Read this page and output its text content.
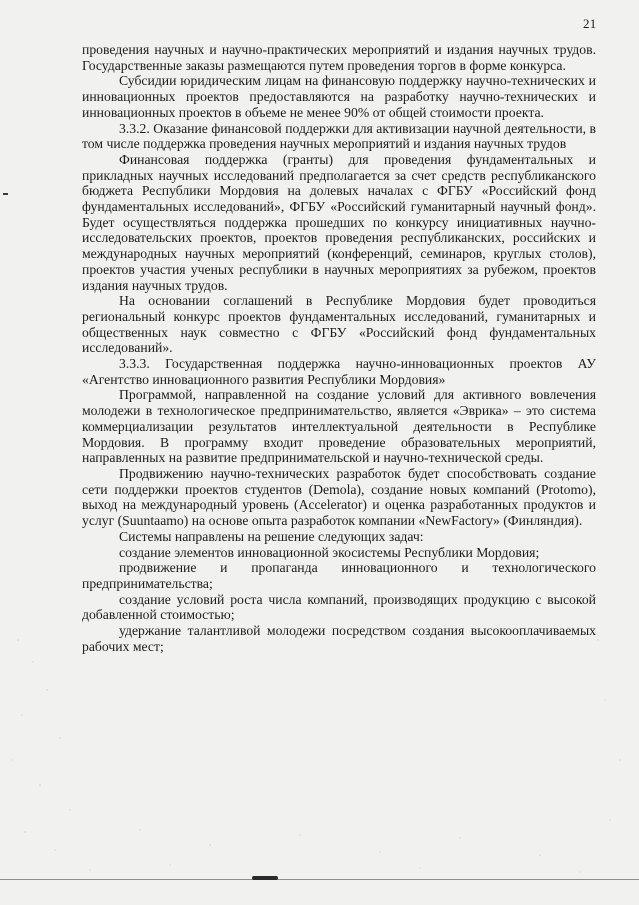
21

проведения научных и научно-практических мероприятий и издания научных трудов. Государственные заказы размещаются путем проведения торгов в форме конкурса.

Субсидии юридическим лицам на финансовую поддержку научно-технических и инновационных проектов предоставляются на разработку научно-технических и инновационных проектов в объеме не менее 90% от общей стоимости проекта.

3.3.2. Оказание финансовой поддержки для активизации научной деятельности, в том числе поддержка проведения научных мероприятий и издания научных трудов

Финансовая поддержка (гранты) для проведения фундаментальных и прикладных научных исследований предполагается за счет средств республиканского бюджета Республики Мордовия на долевых началах с ФГБУ «Российский фонд фундаментальных исследований», ФГБУ «Российский гуманитарный научный фонд». Будет осуществляться поддержка прошедших по конкурсу инициативных научно-исследовательских проектов, проектов проведения республиканских, российских и международных научных мероприятий (конференций, семинаров, круглых столов), проектов участия ученых республики в научных мероприятиях за рубежом, проектов издания научных трудов.

На основании соглашений в Республике Мордовия будет проводиться региональный конкурс проектов фундаментальных исследований, гуманитарных и общественных наук совместно с ФГБУ «Российский фонд фундаментальных исследований».

3.3.3. Государственная поддержка научно-инновационных проектов АУ «Агентство инновационного развития Республики Мордовия»

Программой, направленной на создание условий для активного вовлечения молодежи в технологическое предпринимательство, является «Эврика» – это система коммерциализации результатов интеллектуальной деятельности в Республике Мордовия. В программу входит проведение образовательных мероприятий, направленных на развитие предпринимательской и научно-технической среды.

Продвижению научно-технических разработок будет способствовать создание сети поддержки проектов студентов (Demola), создание новых компаний (Protomo), выход на международный уровень (Accelerator) и оценка разработанных продуктов и услуг (Suuntaamo) на основе опыта разработок компании «NewFactory» (Финляндия).

Системы направлены на решение следующих задач:

создание элементов инновационной экосистемы Республики Мордовия;

продвижение и пропаганда инновационного и технологического предпринимательства;

создание условий роста числа компаний, производящих продукцию с высокой добавленной стоимостью;

удержание талантливой молодежи посредством создания высокооплачиваемых рабочих мест;
